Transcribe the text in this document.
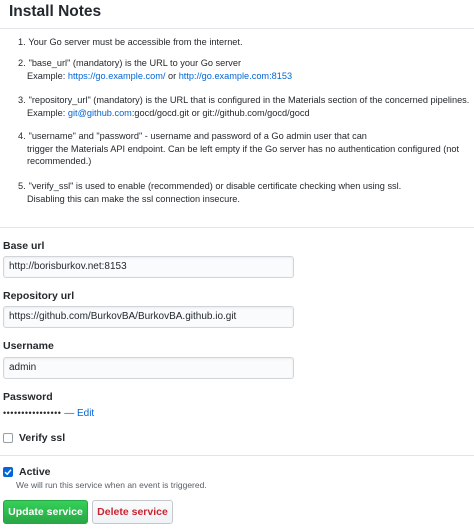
Install Notes
1. Your Go server must be accessible from the internet.
2. "base_url" (mandatory) is the URL to your Go server
Example: https://go.example.com/ or http://go.example.com:8153
3. "repository_url" (mandatory) is the URL that is configured in the Materials section of the concerned pipelines.
Example: git@github.com:gocd/gocd.git or git://github.com/gocd/gocd
4. "username" and "password" - username and password of a Go admin user that can
trigger the Materials API endpoint. Can be left empty if the Go server has no authentication configured (not
recommended.)
5. "verify_ssl" is used to enable (recommended) or disable certificate checking when using ssl.
Disabling this can make the ssl connection insecure.
Base url
http://borisburkov.net:8153
Repository url
https://github.com/BurkovBA/BurkovBA.github.io.git
Username
admin
Password
•••••••••••••••• — Edit
Verify ssl
Active
We will run this service when an event is triggered.
Update service	Delete service
